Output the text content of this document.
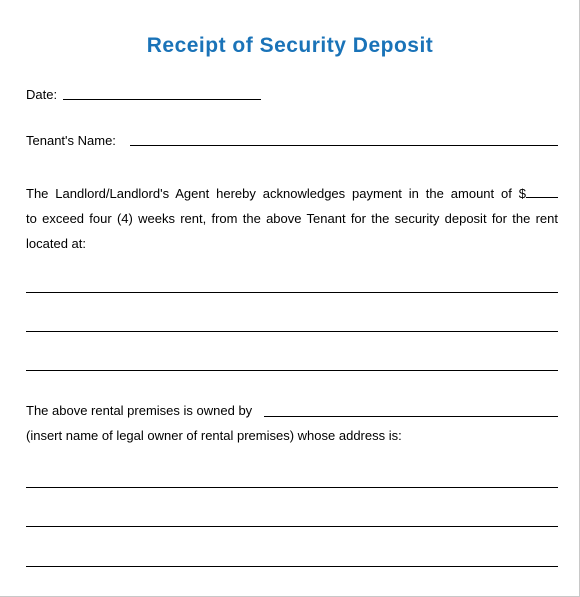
Receipt of Security Deposit
Date:
Tenant's Name:
The Landlord/Landlord's Agent hereby acknowledges payment in the amount of $
to exceed four (4) weeks rent, from the above Tenant for the security deposit for the rent
located at:
The above rental premises is owned by
(insert name of legal owner of rental premises) whose address is:
